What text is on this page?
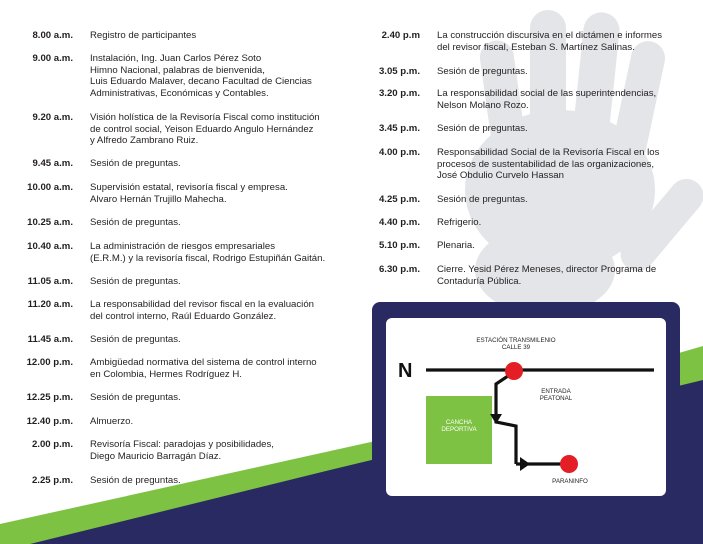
8.00 a.m. Registro de participantes
9.00 a.m. Instalación, Ing. Juan Carlos Pérez Soto
Himno Nacional, palabras de bienvenida,
Luis Eduardo Malaver, decano Facultad de Ciencias
Administrativas, Económicas y Contables.
9.20 a.m. Visión holística de la Revisoría Fiscal como institución
de control social, Yeison Eduardo Angulo Hernández
y Alfredo Zambrano Ruiz.
9.45 a.m. Sesión de preguntas.
10.00 a.m. Supervisión estatal, revisoría fiscal y empresa.
Alvaro Hernán Trujillo Mahecha.
10.25 a.m. Sesión de preguntas.
10.40 a.m. La administración de riesgos empresariales
(E.R.M.) y la revisoría fiscal, Rodrigo Estupiñán Gaitán.
11.05 a.m. Sesión de preguntas.
11.20 a.m. La responsabilidad del revisor fiscal en la evaluación
del control interno, Raúl Eduardo González.
11.45 a.m. Sesión de preguntas.
12.00 p.m. Ambigüedad normativa del sistema de control interno
en Colombia, Hermes Rodríguez H.
12.25 p.m. Sesión de preguntas.
12.40 p.m. Almuerzo.
2.00 p.m. Revisoría Fiscal: paradojas y posibilidades,
Diego Mauricio Barragán Díaz.
2.25 p.m. Sesión de preguntas.
2.40 p.m La construcción discursiva en el dictámen e informes
del revisor fiscal, Esteban S. Martínez Salinas.
3.05 p.m. Sesión de preguntas.
3.20 p.m. La responsabilidad social de las superintendencias,
Nelson Molano Rozo.
3.45 p.m. Sesión de preguntas.
4.00 p.m. Responsabilidad Social de la Revisoría Fiscal en los
procesos de sustentabilidad de las organizaciones,
José Obdulio Curvelo Hassan
4.25 p.m. Sesión de preguntas.
4.40 p.m. Refrigerio.
5.10 p.m. Plenaria.
6.30 p.m. Cierre. Yesid Pérez Meneses, director Programa de
Contaduría Pública.
N
ESTACIÓN TRANSMILENIO
CALLE 39
ENTRADA
PEATONAL
CANCHA
DEPORTIVA
PARANINFO
